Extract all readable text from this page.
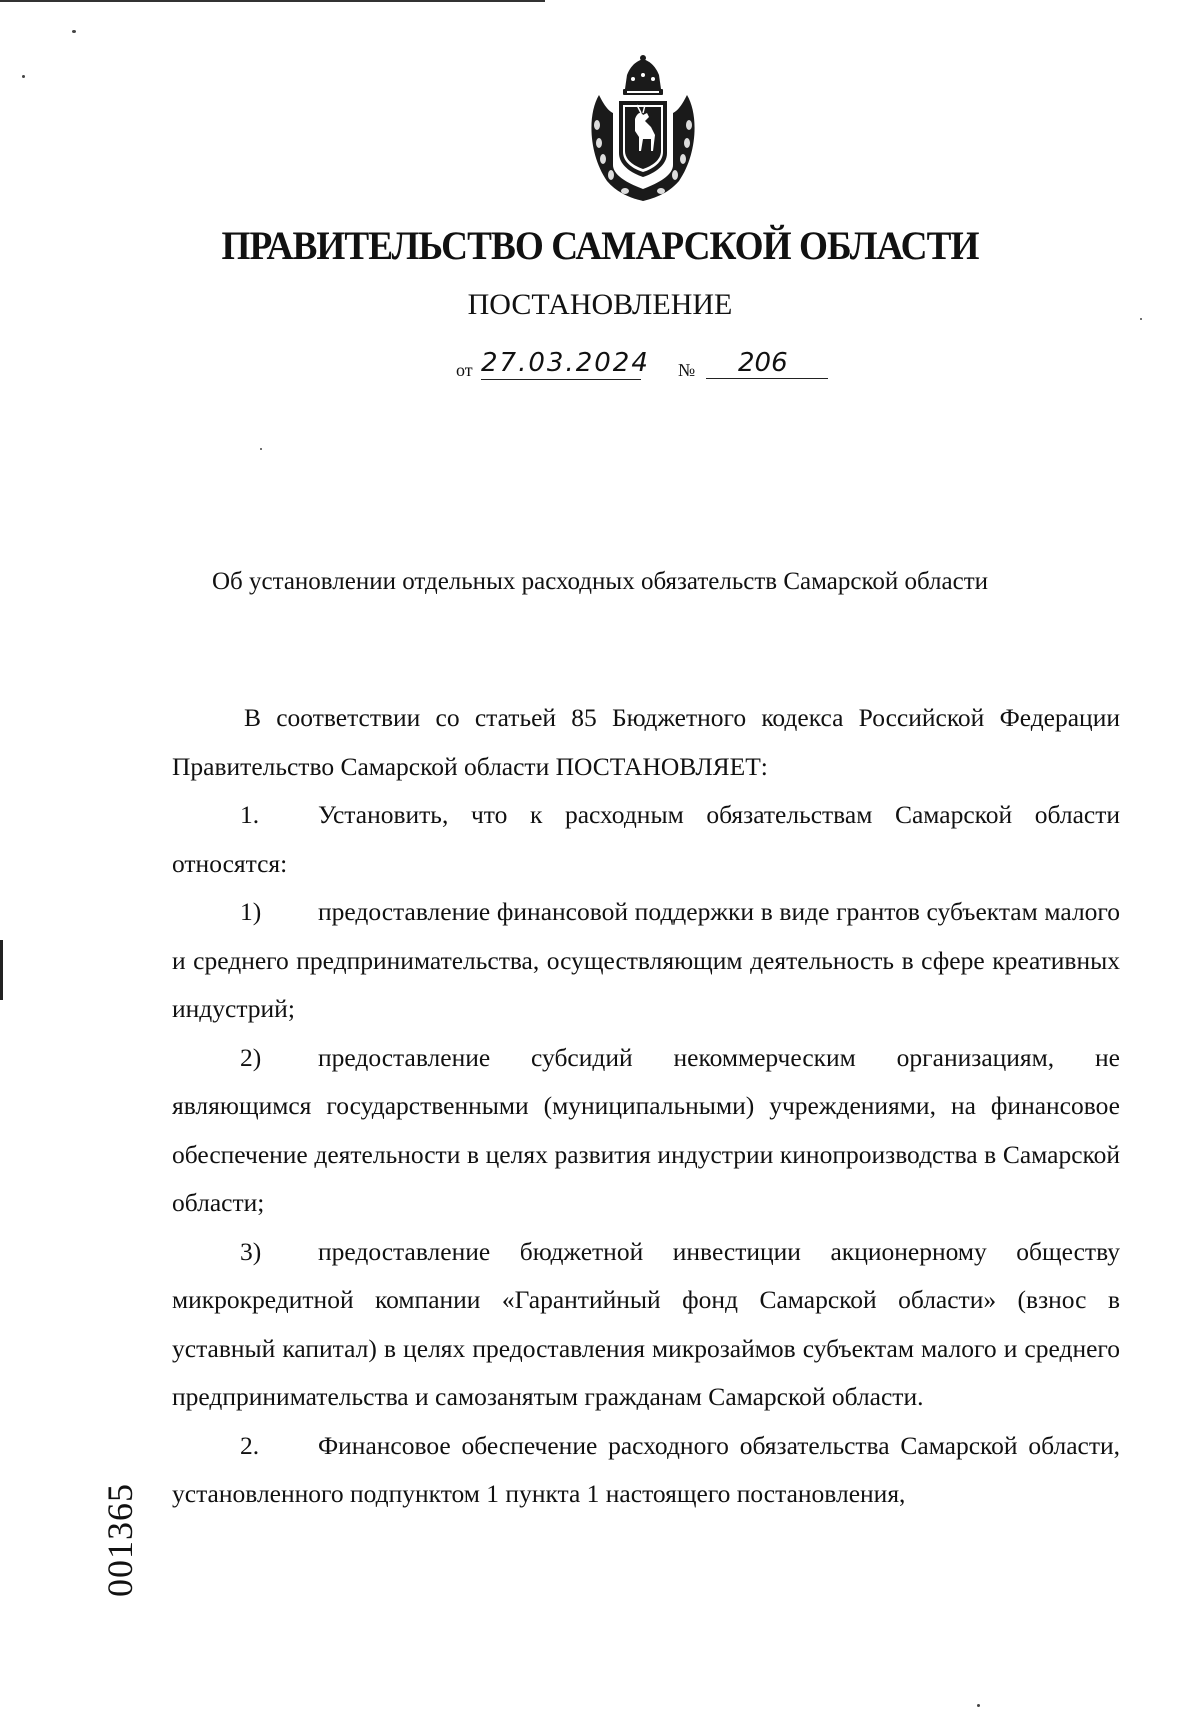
ПРАВИТЕЛЬСТВО САМАРСКОЙ ОБЛАСТИ
ПОСТАНОВЛЕНИЕ
от 27.03.2024 №	206
Об установлении отдельных расходных обязательств Самарской области

В соответствии со статьей 85 Бюджетного кодекса Российской Федерации Правительство Самарской области ПОСТАНОВЛЯЕТ:

1. Установить, что к расходным обязательствам Самарской области относятся:

1) предоставление финансовой поддержки в виде грантов субъектам малого и среднего предпринимательства, осуществляющим деятельность в сфере креативных индустрий;

2) предоставление субсидий некоммерческим организациям, не являющимся государственными (муниципальными) учреждениями, на финансовое обеспечение деятельности в целях развития индустрии кинопроизводства в Самарской области;

3) предоставление бюджетной инвестиции акционерному обществу микрокредитной компании «Гарантийный фонд Самарской области» (взнос в уставный капитал) в целях предоставления микрозаймов субъектам малого и среднего предпринимательства и самозанятым гражданам Самарской области.

2. Финансовое обеспечение расходного обязательства Самарской области, установленного подпунктом 1 пункта 1 настоящего постановления,

001365
